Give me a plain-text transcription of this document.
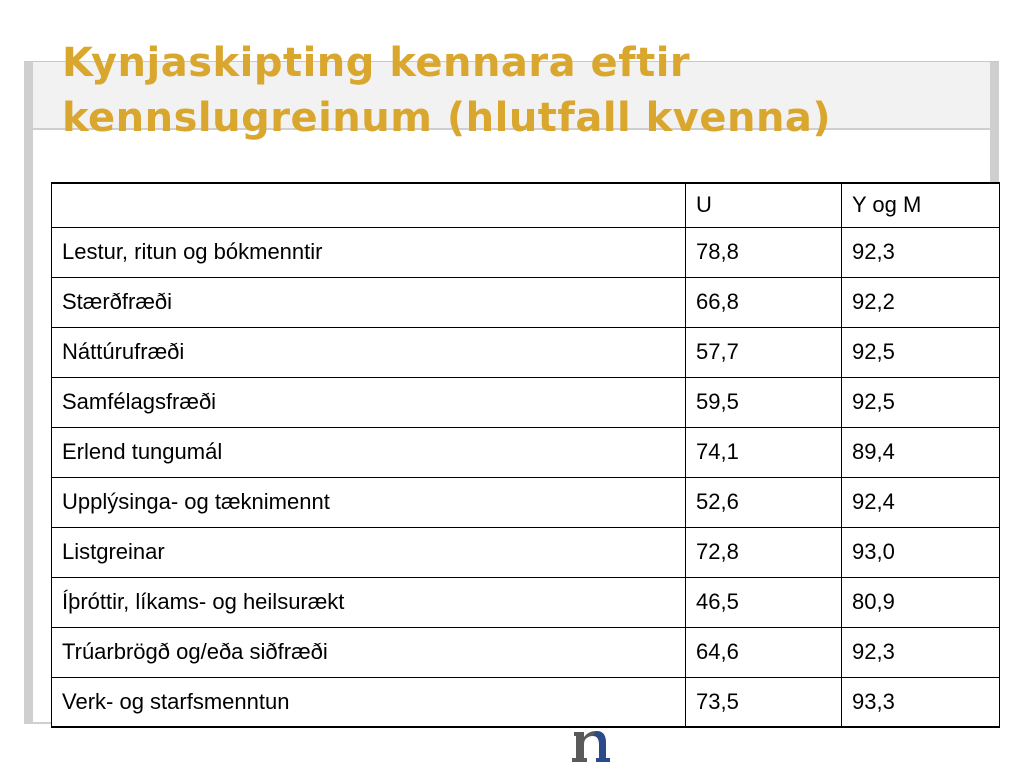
Kynjaskipting kennara eftir kennslugreinum (hlutfall kvenna)
	U	Y og M
Lestur, ritun og bókmenntir	78,8	92,3
Stærðfræði	66,8	92,2
Náttúrufræði	57,7	92,5
Samfélagsfræði	59,5	92,5
Erlend tungumál	74,1	89,4
Upplýsinga- og tæknimennt	52,6	92,4
Listgreinar	72,8	93,0
Íþróttir, líkams- og heilsurækt	46,5	80,9
Trúarbrögð og/eða siðfræði	64,6	92,3
Verk- og starfsmenntun	73,5	93,3
